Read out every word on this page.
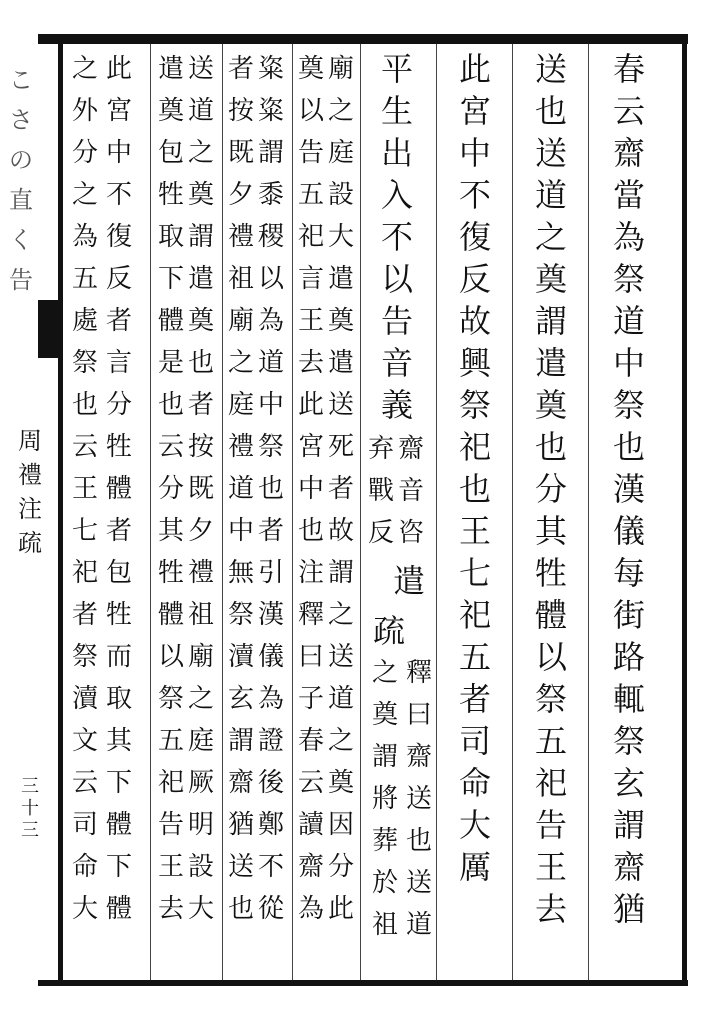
こ
さ
の
直
く
告
周
禮
注
疏
三
十
三
春
云
齋
當
為
祭
道
中
祭
也
漢
儀
每
街
路
輒
祭
玄
謂
齋
猶
送
也
送
道
之
奠
謂
遣
奠
也
分
其
牲
體
以
祭
五
祀
告
王
去
此
宮
中
不
復
反
故
興
祭
祀
也
王
七
祀
五
者
司
命
大
厲
平
生
出
入
不
以
告
音
義
齋
音
咨
弃
戰
反
遣
疏
釋
曰
齋
送
也
送
道
之
奠
謂
將
葬
於
祖
廟
之
庭
設
大
遣
奠
遣
送
死
者
故
謂
之
送
道
之
奠
因
分
此
奠
以
告
五
祀
言
王
去
此
宮
中
也
注
釋
曰
子
春
云
讀
齋
為
粢
粢
謂
黍
稷
以
為
道
中
祭
也
者
引
漢
儀
為
證
後
鄭
不
從
者
按
既
夕
禮
祖
廟
之
庭
禮
道
中
無
祭
瀆
玄
謂
齋
猶
送
也
送
道
之
奠
謂
遣
奠
也
者
按
既
夕
禮
祖
廟
之
庭
厥
明
設
大
遣
奠
包
牲
取
下
體
是
也
云
分
其
牲
體
以
祭
五
祀
告
王
去
此
宮
中
不
復
反
者
言
分
牲
體
者
包
牲
而
取
其
下
體
下
體
之
外
分
之
為
五
處
祭
也
云
王
七
祀
者
祭
瀆
文
云
司
命
大
